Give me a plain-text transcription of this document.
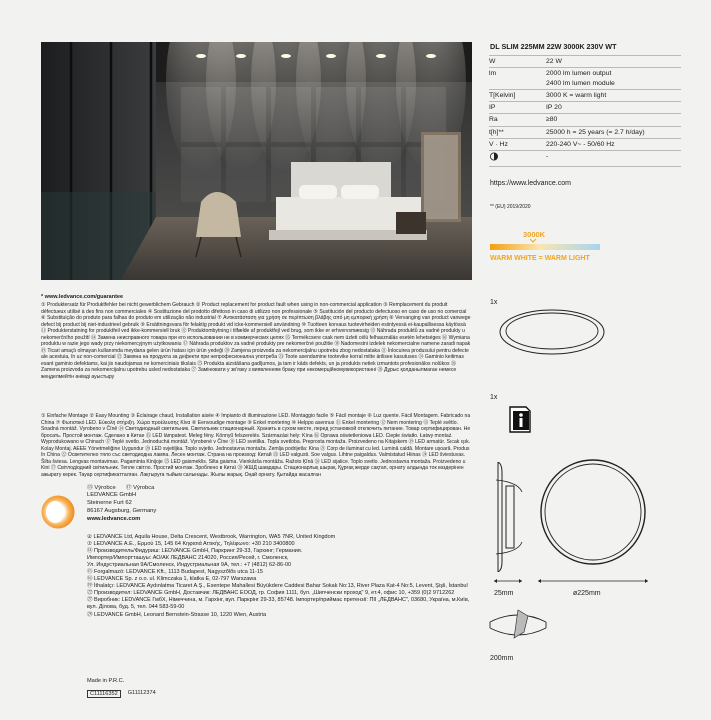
DL SLIM 225MM 22W 3000K 230V WT
W	22 W
lm	2000 lm lumen output
2400 lm lumen module
T[Kelvin]	3000 K = warm light
IP	IP 20
Ra	≥80
t[h]**	25000 h = 25 years (= 2.7 h/day)
V · Hz	220-240 V~ - 50/60 Hz
-
https://www.ledvance.com
** (EU) 2019/2020
3000K
WARM WHITE = WARM LIGHT
* www.ledvance.com/guarantee
① Produktersatz für Produktfehler bei nicht gewerblichem Gebrauch ② Product replacement for product fault when using in non-commercial application ③ Remplacement du produit défectueux utilisé à des fins non commerciales ④ Sostituzione del prodotto difettoso in caso di utilizzo non professionale ⑤ Sustitución del producto defectuoso en caso de uso no comercial ⑥ Substituição do produto para falhas do produto em utilização não industrial ⑦ Αντικατάσταση για χρήση σε περίπτωση βλάβης από μη εμπορική χρήση ⑧ Vervanging van product vanwege defect bij product bij niet-industrieel gebruik ⑨ Ersättningsvara för felaktig produkt vid icke-kommersiell användning ⑩ Tuotteen korvaus tuotevirheiden esiintyessä ei-kaupallisessa käytössä ⑪ Produkterstatning for produktfeil ved ikke-kommersiell bruk ⑫ Produktombytning i tilfælde af produktfejl ved brug, som ikke er erhvervsmæssig ⑬ Náhrada produktů za vadné produkty u nekomerčního použití ⑭ Замена неисправного товара при его использовании не в коммерческих целях ⑮ Termékcsere csak nem üzleti célú felhasználás esetén lehetséges ⑯ Wymiana produktu w razie jego wady przy niekomercyjnym użytkowaniu ⑰ Náhrada produktov za vadné produkty pre nekomerčné použitie ⑱ Nadomestni izdelek nekomercialne namene zaradi napak ⑲ Ticari amaçlı olmayan kullanımda meydana gelen ürün hatası için ürün yedeği ⑳ Zamjena proizvoda za nekomercijalnu upotrebu zbog nedostataka ㉑ Înlocuirea produsului pentru defecte ale acestuia, în uz non-comercial ㉒ Замяна на продукта за дефекти при непрофесионална употреба ㉓ Toote asendamine tootevike korral mitte äriliseе kasutuses ㉔ Gaminio keitimas esant gaminio defektams, kai jis naudojamas ne komerciniais tikslais ㉕ Produkta aizstāšana gadījumos, ja tam ir kāds defekts, un ja produkts netiek izmantots profesionālos nolūkos ㉖ Zamena proizvoda za nekomercijalnu upotrebu usled nedostataka ㉗ Замінювати у зв'язку з виявленням браку при некомерційномувикористанні ㉘ Дұрыс қолданылмаған немесе жеңделмейтін өнімді ауыстыру
① Einfache Montage ② Easy Mounting ③ Éclairage chaud, Installation aisée ④ Impianto di illuminazione LED. Montaggio facile ⑤ Fácil montaje ⑥ Luz quente. Fácil Montagem. Fabricado na China ⑦ Φωτιστικό LED. Εύκολη στήριξη. Χώρα προέλευσης Κίνα ⑧ Eenvoudige montage ⑨ Enkel montering ⑩ Helppo asennus ⑪ Enkel montering ⑫ Nem montering ⑬ Teplé světlo. Snadná montáž. Vyrobeno v Číně ⑭ Светодиодный светильник. Светильник стационарный. Хранить в сухом месте, перед установкой отключить питание. Товар сертифицирован. Не бросать. Простой монтаж. Сделано в Китае ⑮ LED lámpatest. Meleg fény. Könnyű felszerelés. Származási hely: Kína ⑯ Oprawa oświetleniowa LED. Ciepłe światło. Łatwy montaż. Wyprodukowano w Chinach ⑰ Teplé svetlo. Jednoduchá montáž. Vyrobené v Číne ⑱ LED svetilka. Topla svetloba. Preprosta montaža. Proizvedeno na Kitajskem ⑲ LED armatür. Sıcak ışık. Kolay Montaj. AEEE Yönetmeliğine Uygundur ⑳ LED svjetiljka. Toplo svjetlo. Jednostavna montaža. Zemlja podrijetla: Kina ㉑ Corp de iluminat cu led. Lumină caldă. Montare ușoară. Produs în China ㉒ Осветително тяло със светодиодна лампа. Лесен монтаж. Страна на произход: Китай ㉓ LED valgusti. Soe valgus. Lihtne paigaldus. Valmistatud Hiinas ㉔ LED šviestuvas. Šilta šviesa. Lengvas montavimas. Pagaminta Kinijoje ㉕ LED gaismeklis. Silta gaisma. Vienkārša montāža. Ražots Ķīnā ㉖ LED sijalice. Toplo svetlo. Jednostavna montaža. Proizvedeno u Kini ㉗ Світлодіодний світильник. Тепле світло. Простий монтаж. Зроблено в Китаї ㉘ ЖШД шамдары. Стационарлық шырақ. Құрғақ жерде сақтап, орнату алдында ток көздерінен ажырату керек. Тауар сертификатталған. Лақтыруға тыйым салынады. Жылы жарық. Оңай орнату. Қытайда жасалған
⑬ Výrobce ⑰ Výrobca
LEDVANCE GmbH
Steinerne Furt 62
86167 Augsburg, Germany
www.ledvance.com
② LEDVANCE Ltd, Aquila House, Delta Crescent, Westbrook, Warrington, WA5 7NR, United Kingdom
⑦ LEDVANCE A.E., Ερμού 15, 145 64 Κηφισιά Αττικής, Τηλέφωνο: +30 210 3400800
⑭ Производитель/Фидуриш: LEDVANCE GmbH, Паркринг 29-33, Гархинг; Германия.
Импортер/Импортташуы: АО/АК ЛЕДВАНС 214020, Россия/Ресей, г. Смоленск,
Ул. Индустриальная 9А/Смоленск, Индустриальная 9А, тел.: +7 (4812) 62-86-00
⑮ Forgalmazó: LEDVANCE Kft., 1113 Budapest, Nagyszőlős utca 11-15
⑯ LEDVANCE Sp. z o.o. ul. Klimczaka 1, klatka E, 02-797 Warszawa
⑲ İthalatçı: LEDVANCE Aydınlatma Ticaret A.Ş., Esentepe Mahallesi Büyükdere Caddesi Bahar Sokak No:13, River Plaza Kat-4 No:5, Levent, Şişli, İstanbul
㉒ Производител: LEDVANCE GmbH, Доставчик: ЛЕДВАНС ЕООД, гр. София 1111, бул. „Шипченски проход" 9, ет.4, офис 10, +359 (0)2 9712262
㉗ Виробник: LEDVANCE ГмбХ, Німеччина, м. Гархінг, вул. Паркрінг 29-33, 85748. Імпортер/приймає претензії: ПІІ „ЛЕДВАНС", 03680, Україна, м.Київ, вул. Діловa, буд. 5, тел. 044 583-59-00
㉘ LEDVANCE GmbH, Leonard Bernstein-Strasse 10, 1220 Wien, Austria
Made in P.R.C.
C11116352	G11112374
1x
1x
25mm	ø225mm
200mm
